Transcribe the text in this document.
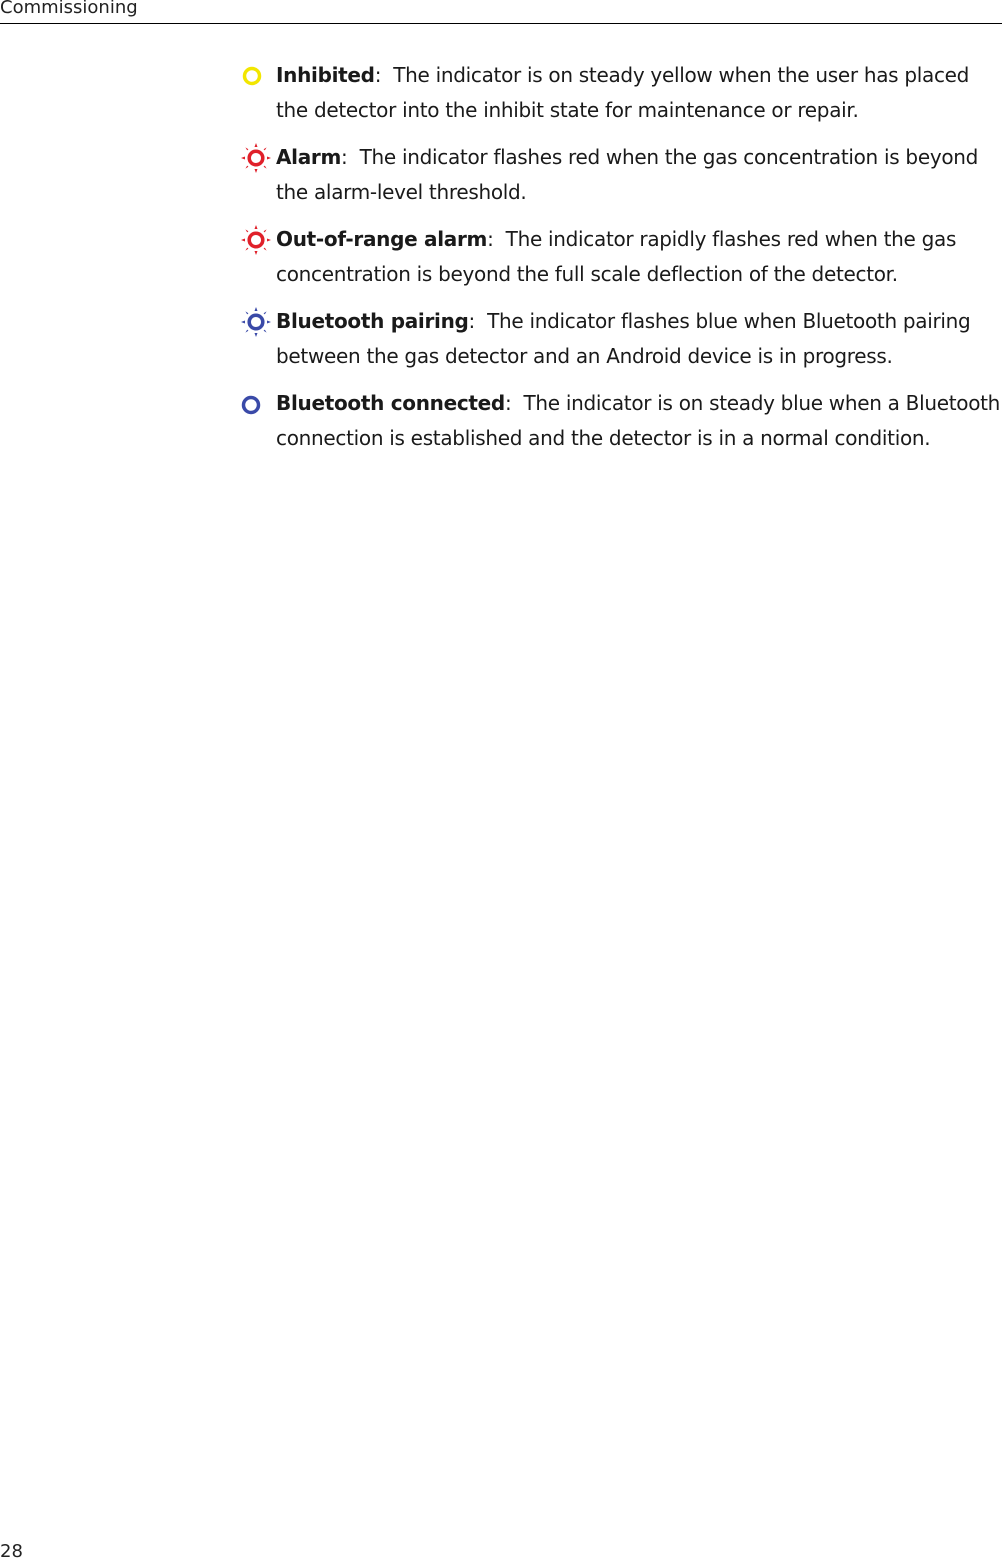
Commissioning
Inhibited:  The indicator is on steady yellow when the user has placed the detector into the inhibit state for maintenance or repair.
Alarm:  The indicator flashes red when the gas concentration is beyond the alarm-level threshold.
Out-of-range alarm:  The indicator rapidly flashes red when the gas concentration is beyond the full scale deflection of the detector.
Bluetooth pairing:  The indicator flashes blue when Bluetooth pairing between the gas detector and an Android device is in progress.
Bluetooth connected:  The indicator is on steady blue when a Bluetooth connection is established and the detector is in a normal condition.
28
